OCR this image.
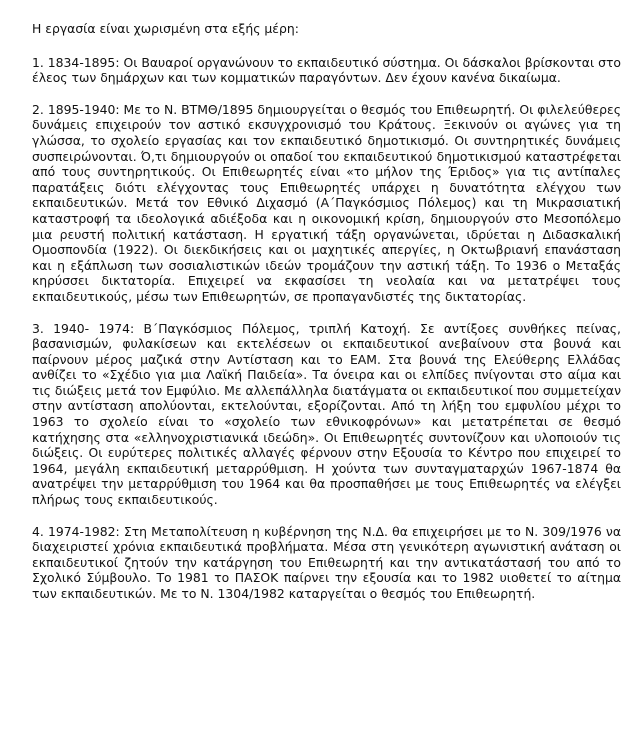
Η εργασία είναι χωρισμένη στα εξής μέρη:

1. 1834-1895: Οι Βαυαροί οργανώνουν το εκπαιδευτικό σύστημα. Οι δάσκαλοι βρίσκονται στο έλεος των δημάρχων και των κομματικών παραγόντων. Δεν έχουν κανένα δικαίωμα.

2. 1895-1940: Με το Ν. ΒΤΜΘ/1895 δημιουργείται ο θεσμός του Επιθεωρητή. Οι φιλελεύθερες δυνάμεις επιχειρούν τον αστικό εκσυγχρονισμό του Κράτους. Ξεκινούν οι αγώνες για τη γλώσσα, το σχολείο εργασίας και τον εκπαιδευτικό δημοτικισμό. Οι συντηρητικές δυνάμεις συσπειρώνονται. Ό,τι δημιουργούν οι οπαδοί του εκπαιδευτικού δημοτικισμού καταστρέφεται από τους συντηρητικούς. Οι Επιθεωρητές είναι «το μήλον της Έριδος» για τις αντίπαλες παρατάξεις διότι ελέγχοντας τους Επιθεωρητές υπάρχει η δυνατότητα ελέγχου των εκπαιδευτικών. Μετά τον Εθνικό Διχασμό (Α΄Παγκόσμιος Πόλεμος) και τη Μικρασιατική καταστροφή τα ιδεολογικά αδιέξοδα και η οικονομική κρίση, δημιουργούν στο Μεσοπόλεμο μια ρευστή πολιτική κατάσταση. Η εργατική τάξη οργανώνεται, ιδρύεται η Διδασκαλική Ομοσπονδία (1922). Οι διεκδικήσεις και οι μαχητικές απεργίες, η Οκτωβριανή επανάσταση και η εξάπλωση των σοσιαλιστικών ιδεών τρομάζουν την αστική τάξη. Το 1936 ο Μεταξάς κηρύσσει δικτατορία. Επιχειρεί να εκφασίσει τη νεολαία και να μετατρέψει τους εκπαιδευτικούς, μέσω των Επιθεωρητών, σε προπαγανδιστές της δικτατορίας.

3. 1940- 1974: Β΄Παγκόσμιος Πόλεμος, τριπλή Κατοχή. Σε αντίξοες συνθήκες πείνας, βασανισμών, φυλακίσεων και εκτελέσεων οι εκπαιδευτικοί ανεβαίνουν στα βουνά και παίρνουν μέρος μαζικά στην Αντίσταση και το ΕΑΜ. Στα βουνά της Ελεύθερης Ελλάδας ανθίζει το «Σχέδιο για μια Λαϊκή Παιδεία». Τα όνειρα και οι ελπίδες πνίγονται στο αίμα και τις διώξεις μετά τον Εμφύλιο. Με αλλεπάλληλα διατάγματα οι εκπαιδευτικοί που συμμετείχαν στην αντίσταση απολύονται, εκτελούνται, εξορίζονται. Από τη λήξη του εμφυλίου μέχρι το 1963 το σχολείο είναι το «σχολείο των εθνικοφρόνων» και μετατρέπεται σε θεσμό κατήχησης στα «ελληνοχριστιανικά ιδεώδη». Οι Επιθεωρητές συντονίζουν και υλοποιούν τις διώξεις. Οι ευρύτερες πολιτικές αλλαγές φέρνουν στην Εξουσία το Κέντρο που επιχειρεί το 1964, μεγάλη εκπαιδευτική μεταρρύθμιση. Η χούντα των συνταγματαρχών 1967-1874 θα ανατρέψει την μεταρρύθμιση του 1964 και θα προσπαθήσει με τους Επιθεωρητές να ελέγξει πλήρως τους εκπαιδευτικούς.

4. 1974-1982: Στη Μεταπολίτευση η κυβέρνηση της Ν.Δ. θα επιχειρήσει με το Ν. 309/1976 να διαχειριστεί χρόνια εκπαιδευτικά προβλήματα. Μέσα στη γενικότερη αγωνιστική ανάταση οι εκπαιδευτικοί ζητούν την κατάργηση του Επιθεωρητή και την αντικατάστασή του από το Σχολικό Σύμβουλο. Το 1981 το ΠΑΣΟΚ παίρνει την εξουσία και το 1982 υιοθετεί το αίτημα των εκπαιδευτικών. Με το Ν. 1304/1982 καταργείται ο θεσμός του Επιθεωρητή.
